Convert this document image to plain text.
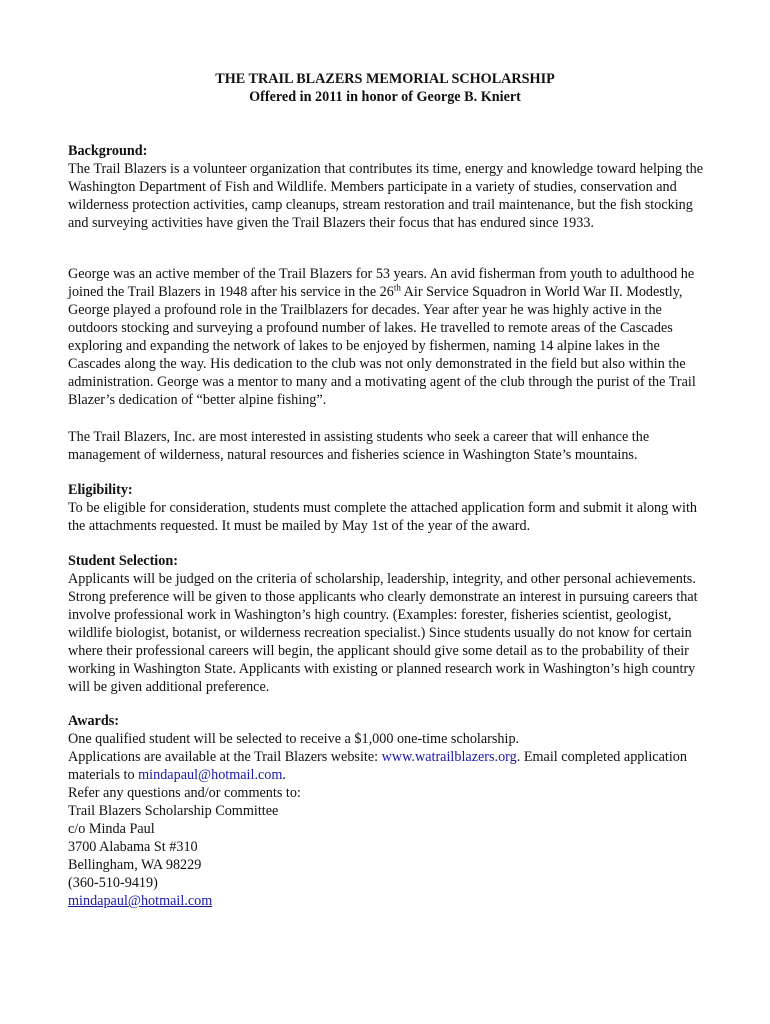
THE TRAIL BLAZERS MEMORIAL SCHOLARSHIP
Offered in 2011 in honor of George B. Kniert
Background:

The Trail Blazers is a volunteer organization that contributes its time, energy and knowledge toward helping the Washington Department of Fish and Wildlife. Members participate in a variety of studies, conservation and wilderness protection activities, camp cleanups, stream restoration and trail maintenance, but the fish stocking and surveying activities have given the Trail Blazers their focus that has endured since 1933.

George was an active member of the Trail Blazers for 53 years. An avid fisherman from youth to adulthood he joined the Trail Blazers in 1948 after his service in the 26th Air Service Squadron in World War II. Modestly, George played a profound role in the Trailblazers for decades. Year after year he was highly active in the outdoors stocking and surveying a profound number of lakes. He travelled to remote areas of the Cascades exploring and expanding the network of lakes to be enjoyed by fishermen, naming 14 alpine lakes in the Cascades along the way. His dedication to the club was not only demonstrated in the field but also within the administration. George was a mentor to many and a motivating agent of the club through the purist of the Trail Blazer’s dedication of “better alpine fishing”.

The Trail Blazers, Inc. are most interested in assisting students who seek a career that will enhance the management of wilderness, natural resources and fisheries science in Washington State’s mountains.

Eligibility:

To be eligible for consideration, students must complete the attached application form and submit it along with the attachments requested. It must be mailed by May 1st of the year of the award.

Student Selection:

Applicants will be judged on the criteria of scholarship, leadership, integrity, and other personal achievements. Strong preference will be given to those applicants who clearly demonstrate an interest in pursuing careers that involve professional work in Washington’s high country. (Examples: forester, fisheries scientist, geologist, wildlife biologist, botanist, or wilderness recreation specialist.) Since students usually do not know for certain where their professional careers will begin, the applicant should give some detail as to the probability of their working in Washington State. Applicants with existing or planned research work in Washington’s high country will be given additional preference.

Awards:
One qualified student will be selected to receive a $1,000 one-time scholarship.
Applications are available at the Trail Blazers website: www.watrailblazers.org. Email completed application materials to mindapaul@hotmail.com.
Refer any questions and/or comments to:
Trail Blazers Scholarship Committee
c/o Minda Paul
3700 Alabama St #310
Bellingham, WA 98229
(360-510-9419)
mindapaul@hotmail.com
